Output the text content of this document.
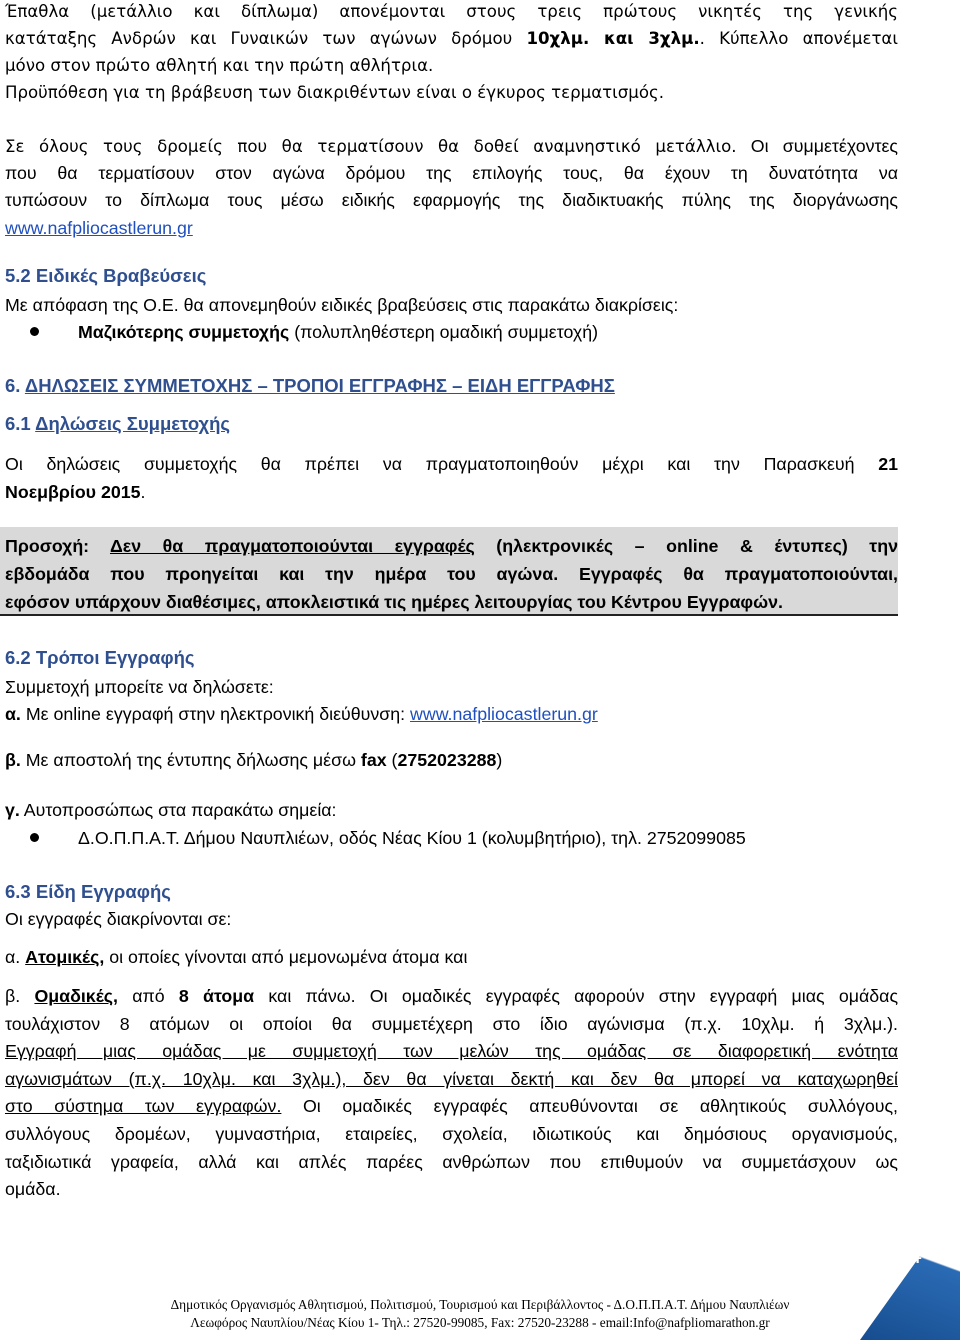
Έπαθλα (μετάλλιο και δίπλωμα) απονέμονται στους τρεις πρώτους νικητές της γενικής
κατάταξης Ανδρών και Γυναικών των αγώνων δρόμου 10χλμ. και 3χλμ.. Κύπελλο απονέμεται
μόνο στον πρώτο αθλητή και την πρώτη αθλήτρια.
Προϋπόθεση για τη βράβευση των διακριθέντων είναι ο έγκυρος τερματισμός.
Σε όλους τους δρομείς που θα τερματίσουν θα δοθεί αναμνηστικό μετάλλιο. Οι συμμετέχοντες
που θα τερματίσουν στον αγώνα δρόμου της επιλογής τους, θα έχουν τη δυνατότητα να
τυπώσουν το δίπλωμα τους μέσω ειδικής εφαρμογής της διαδικτυακής πύλης της διοργάνωσης
www.nafpliocastlerun.gr
5.2 Ειδικές Βραβεύσεις
Με απόφαση της Ο.Ε. θα απονεμηθούν ειδικές βραβεύσεις στις παρακάτω διακρίσεις:
Μαζικότερης συμμετοχής (πολυπληθέστερη ομαδική συμμετοχή)
6. ΔΗΛΩΣΕΙΣ ΣΥΜΜΕΤΟΧΗΣ – ΤΡΟΠΟΙ ΕΓΓΡΑΦΗΣ – ΕΙΔΗ ΕΓΓΡΑΦΗΣ
6.1 Δηλώσεις Συμμετοχής
Οι δηλώσεις συμμετοχής θα πρέπει να πραγματοποιηθούν μέχρι και την Παρασκευή 21
Νοεμβρίου 2015.
Προσοχή: Δεν θα πραγματοποιούνται εγγραφές (ηλεκτρονικές – online & έντυπες) την
εβδομάδα που προηγείται και την ημέρα του αγώνα. Εγγραφές θα πραγματοποιούνται,
εφόσον υπάρχουν διαθέσιμες, αποκλειστικά τις ημέρες λειτουργίας του Κέντρου Εγγραφών.
6.2 Τρόποι Εγγραφής
Συμμετοχή μπορείτε να δηλώσετε:
α. Με online εγγραφή στην ηλεκτρονική διεύθυνση: www.nafpliocastlerun.gr
β. Με αποστολή της έντυπης δήλωσης μέσω fax (2752023288)
γ. Αυτοπροσώπως στα παρακάτω σημεία:
Δ.Ο.Π.Π.Α.Τ. Δήμου Ναυπλιέων, οδός Νέας Κίου 1 (κολυμβητήριο), τηλ. 2752099085
6.3 Είδη Εγγραφής
Οι εγγραφές διακρίνονται σε:
α. Ατομικές, οι οποίες γίνονται από μεμονωμένα άτομα και
β. Ομαδικές, από 8 άτομα και πάνω. Οι ομαδικές εγγραφές αφορούν στην εγγραφή μιας ομάδας
τουλάχιστον 8 ατόμων οι οποίοι θα συμμετέχερη στο ίδιο αγώνισμα (π.χ. 10χλμ. ή 3χλμ.).
Εγγραφή μιας ομάδας με συμμετοχή των μελών της ομάδας σε διαφορετική ενότητα
αγωνισμάτων (π.χ. 10χλμ. και 3χλμ.), δεν θα γίνεται δεκτή και δεν θα μπορεί να καταχωρηθεί
στο σύστημα των εγγραφών. Οι ομαδικές εγγραφές απευθύνονται σε αθλητικούς συλλόγους,
συλλόγους δρομέων, γυμναστήρια, εταιρείες, σχολεία, ιδιωτικούς και δημόσιους οργανισμούς,
ταξιδιωτικά γραφεία, αλλά και απλές παρέες ανθρώπων που επιθυμούν να συμμετάσχουν ως
ομάδα.
Δημοτικός Οργανισμός Αθλητισμού, Πολιτισμού, Τουρισμού και Περιβάλλοντος - Δ.Ο.Π.Π.Α.Τ. Δήμου Ναυπλιέων
Λεωφόρος Ναυπλίου/Νέας Κίου 1- Τηλ.: 27520-99085, Fax: 27520-23288 - email:Info@nafpliomarathon.gr
4
